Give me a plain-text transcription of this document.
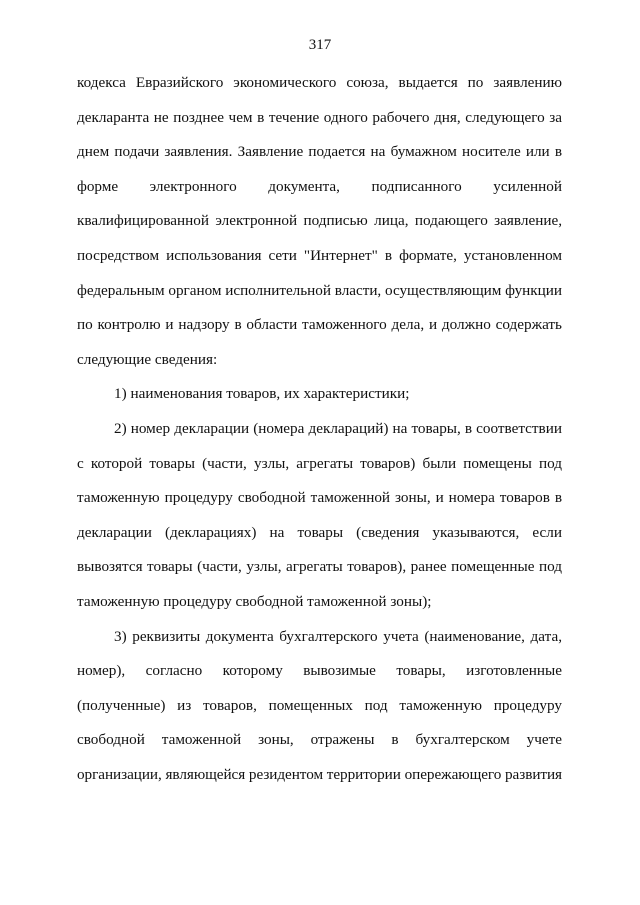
317
кодекса Евразийского экономического союза, выдается по заявлению
декларанта не позднее чем в течение одного рабочего дня, следующего за
днем подачи заявления. Заявление подается на бумажном носителе или в
форме электронного документа, подписанного усиленной
квалифицированной электронной подписью лица, подающего заявление,
посредством использования сети "Интернет" в формате, установленном
федеральным органом исполнительной власти, осуществляющим функции
по контролю и надзору в области таможенного дела, и должно содержать
следующие сведения:
1) наименования товаров, их характеристики;
2) номер декларации (номера деклараций) на товары, в соответствии
с которой товары (части, узлы, агрегаты товаров) были помещены под
таможенную процедуру свободной таможенной зоны, и номера товаров в
декларации (декларациях) на товары (сведения указываются, если
вывозятся товары (части, узлы, агрегаты товаров), ранее помещенные под
таможенную процедуру свободной таможенной зоны);
3) реквизиты документа бухгалтерского учета (наименование, дата,
номер), согласно которому вывозимые товары, изготовленные
(полученные) из товаров, помещенных под таможенную процедуру
свободной таможенной зоны, отражены в бухгалтерском учете
организации, являющейся резидентом территории опережающего развития
